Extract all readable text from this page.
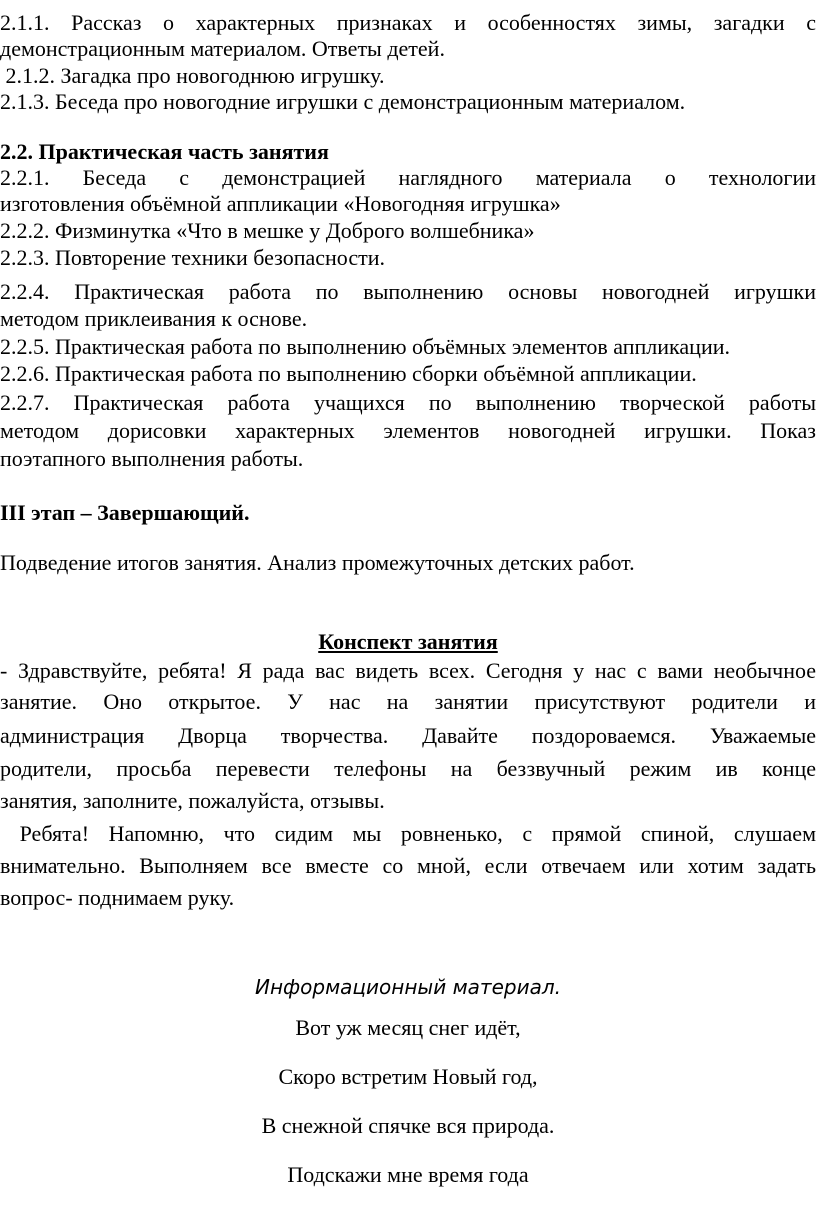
2.1.1. Рассказ о характерных признаках и особенностях зимы, загадки с

демонстрационным материалом. Ответы детей.

2.1.2. Загадка про новогоднюю игрушку.

2.1.3. Беседа про новогодние игрушки с демонстрационным материалом.

2.2. Практическая часть занятия

2.2.1. Беседа с демонстрацией наглядного материала о технологии

изготовления объёмной аппликации «Новогодняя игрушка»

2.2.2. Физминутка «Что в мешке у Доброго волшебника»

2.2.3. Повторение техники безопасности.

2.2.4. Практическая работа по выполнению основы новогодней игрушки

методом приклеивания к основе.

2.2.5. Практическая работа по выполнению объёмных элементов аппликации.

2.2.6. Практическая работа по выполнению сборки объёмной аппликации.

2.2.7. Практическая работа учащихся по выполнению творческой работы

методом дорисовки характерных элементов новогодней игрушки. Показ

поэтапного выполнения работы.

III этап – Завершающий.

Подведение итогов занятия. Анализ промежуточных детских работ.

Конспект занятия

- Здравствуйте, ребята! Я рада вас видеть всех. Сегодня у нас с вами необычное

занятие. Оно открытое. У нас на занятии присутствуют родители и

администрация Дворца творчества. Давайте поздороваемся. Уважаемые

родители, просьба перевести телефоны на беззвучный режим ив конце

занятия, заполните, пожалуйста, отзывы.

Ребята! Напомню, что сидим мы ровненько, с прямой спиной, слушаем

внимательно. Выполняем все вместе со мной, если отвечаем или хотим задать

вопрос- поднимаем руку.

Информационный материал.

Вот уж месяц снег идёт,

Скоро встретим Новый год,

В снежной спячке вся природа.

Подскажи мне время года
